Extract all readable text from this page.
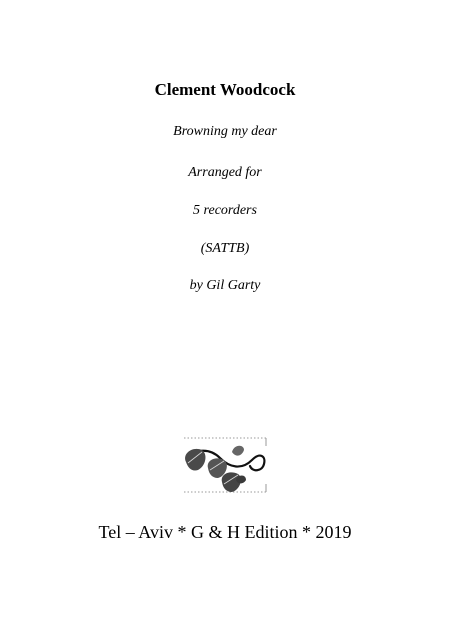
Clement Woodcock
Browning my dear
Arranged for
5 recorders
(SATTB)
by Gil Garty
Tel – Aviv * G & H Edition * 2019
